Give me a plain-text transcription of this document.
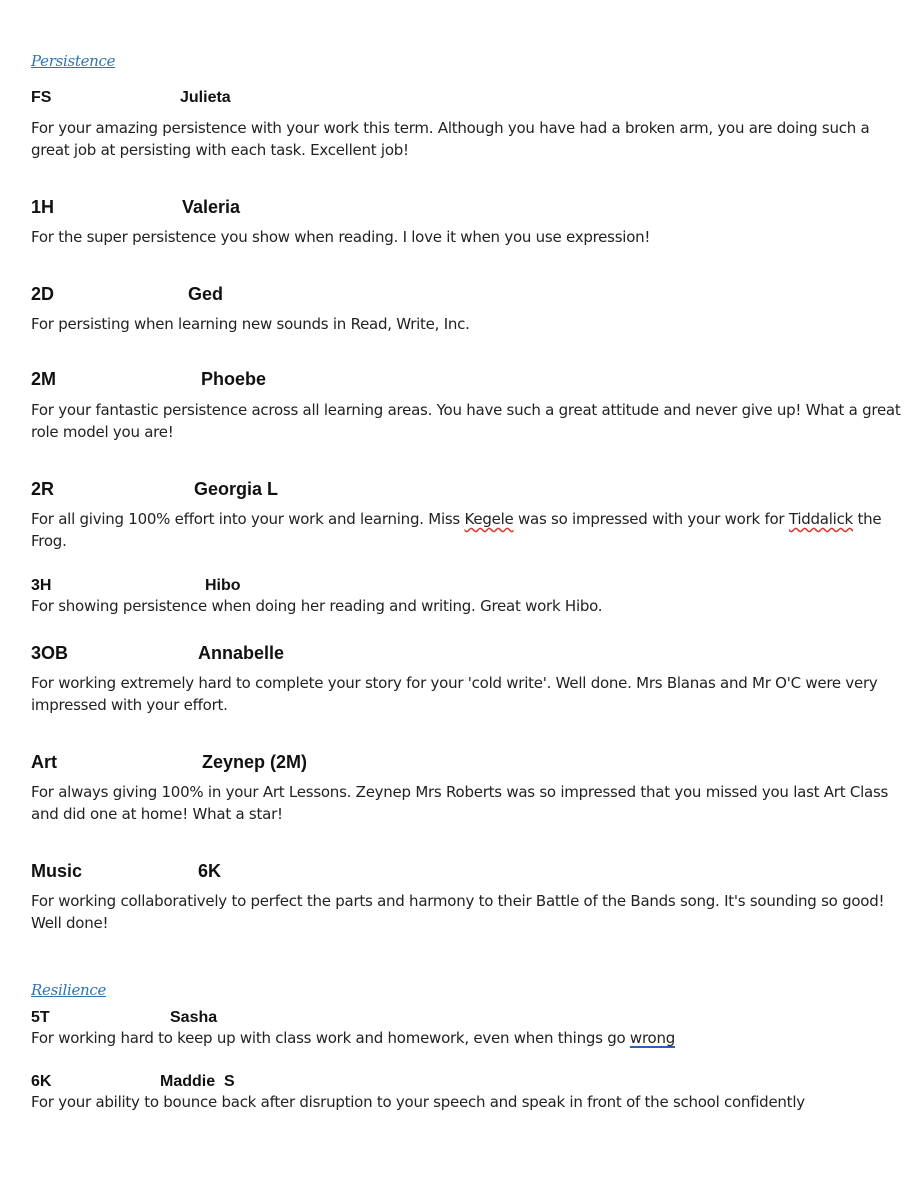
Persistence
FS	Julieta
For your amazing persistence with your work this term. Although you have had a broken arm, you are doing such a great job at persisting with each task. Excellent job!
1H	Valeria
For the super persistence you show when reading. I love it when you use expression!
2D	Ged
For persisting when learning new sounds in Read, Write, Inc.
2M	Phoebe
For your fantastic persistence across all learning areas. You have such a great attitude and never give up! What a great role model you are!
2R	Georgia L
For all giving 100% effort into your work and learning. Miss Kegele was so impressed with your work for Tiddalick the Frog.
3H	Hibo
For showing persistence when doing her reading and writing. Great work Hibo.
3OB	Annabelle
For working extremely hard to complete your story for your 'cold write'. Well done. Mrs Blanas and Mr O'C were very impressed with your effort.
Art	Zeynep (2M)
For always giving 100% in your Art Lessons. Zeynep Mrs Roberts was so impressed that you missed you last Art Class and did one at home! What a star!
Music	6K
For working collaboratively to perfect the parts and harmony to their Battle of the Bands song. It's sounding so good! Well done!
Resilience
5T	Sasha
For working hard to keep up with class work and homework, even when things go wrong
6K	Maddie  S
For your ability to bounce back after disruption to your speech and speak in front of the school confidently
